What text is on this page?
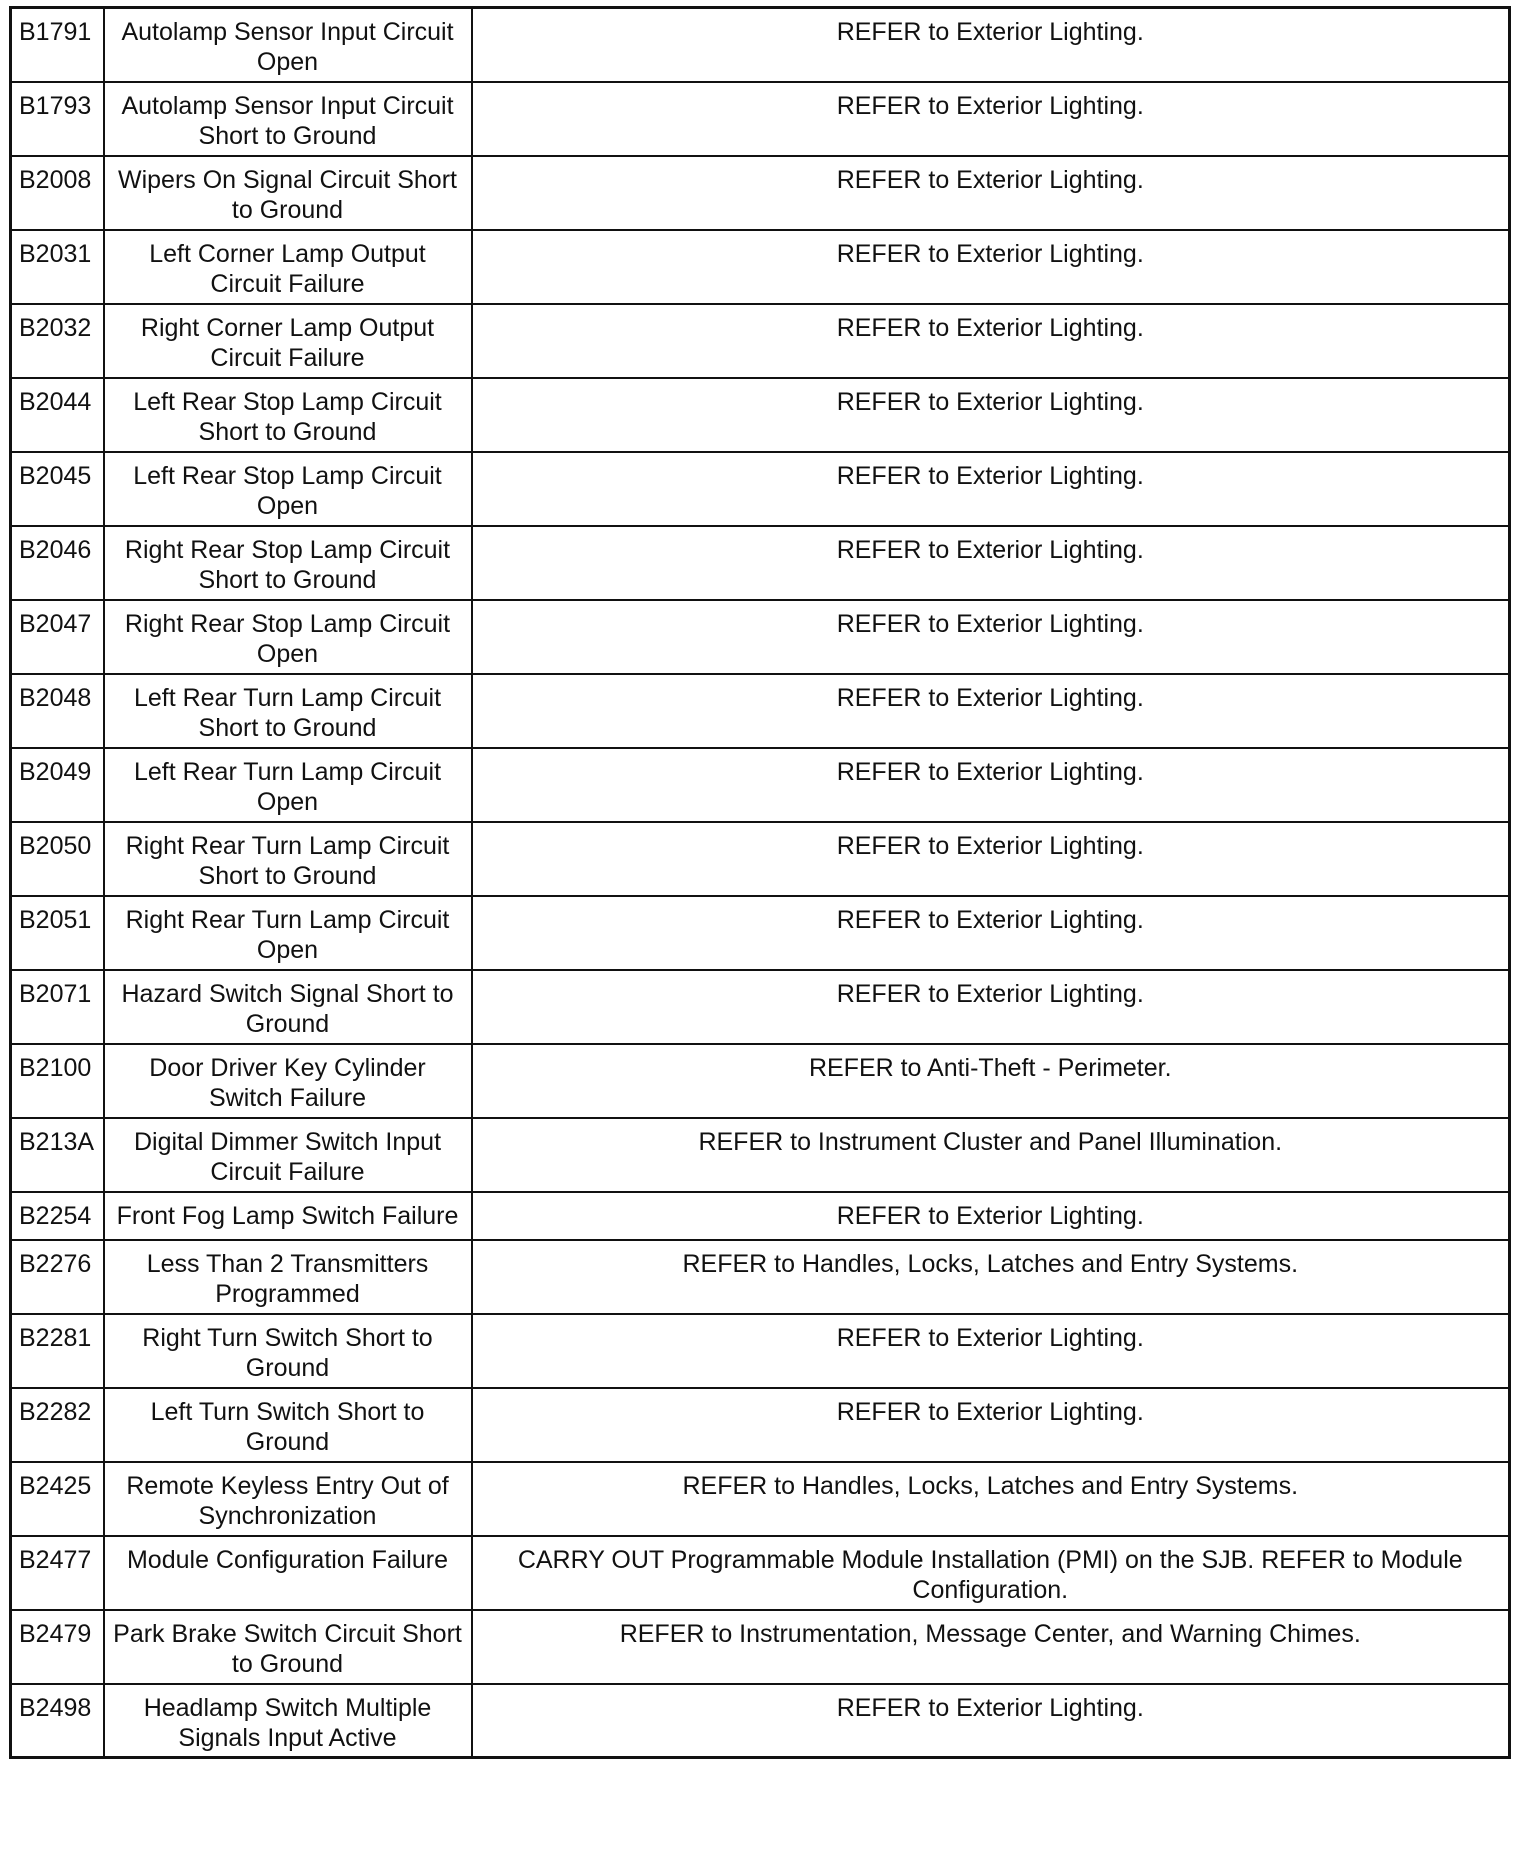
B1791	Autolamp Sensor Input Circuit Open	REFER to Exterior Lighting.
B1793	Autolamp Sensor Input Circuit Short to Ground	REFER to Exterior Lighting.
B2008	Wipers On Signal Circuit Short to Ground	REFER to Exterior Lighting.
B2031	Left Corner Lamp Output Circuit Failure	REFER to Exterior Lighting.
B2032	Right Corner Lamp Output Circuit Failure	REFER to Exterior Lighting.
B2044	Left Rear Stop Lamp Circuit Short to Ground	REFER to Exterior Lighting.
B2045	Left Rear Stop Lamp Circuit Open	REFER to Exterior Lighting.
B2046	Right Rear Stop Lamp Circuit Short to Ground	REFER to Exterior Lighting.
B2047	Right Rear Stop Lamp Circuit Open	REFER to Exterior Lighting.
B2048	Left Rear Turn Lamp Circuit Short to Ground	REFER to Exterior Lighting.
B2049	Left Rear Turn Lamp Circuit Open	REFER to Exterior Lighting.
B2050	Right Rear Turn Lamp Circuit Short to Ground	REFER to Exterior Lighting.
B2051	Right Rear Turn Lamp Circuit Open	REFER to Exterior Lighting.
B2071	Hazard Switch Signal Short to Ground	REFER to Exterior Lighting.
B2100	Door Driver Key Cylinder Switch Failure	REFER to Anti-Theft - Perimeter.
B213A	Digital Dimmer Switch Input Circuit Failure	REFER to Instrument Cluster and Panel Illumination.
B2254	Front Fog Lamp Switch Failure	REFER to Exterior Lighting.
B2276	Less Than 2 Transmitters Programmed	REFER to Handles, Locks, Latches and Entry Systems.
B2281	Right Turn Switch Short to Ground	REFER to Exterior Lighting.
B2282	Left Turn Switch Short to Ground	REFER to Exterior Lighting.
B2425	Remote Keyless Entry Out of Synchronization	REFER to Handles, Locks, Latches and Entry Systems.
B2477	Module Configuration Failure	CARRY OUT Programmable Module Installation (PMI) on the SJB. REFER to Module Configuration.
B2479	Park Brake Switch Circuit Short to Ground	REFER to Instrumentation, Message Center, and Warning Chimes.
B2498	Headlamp Switch Multiple Signals Input Active	REFER to Exterior Lighting.
